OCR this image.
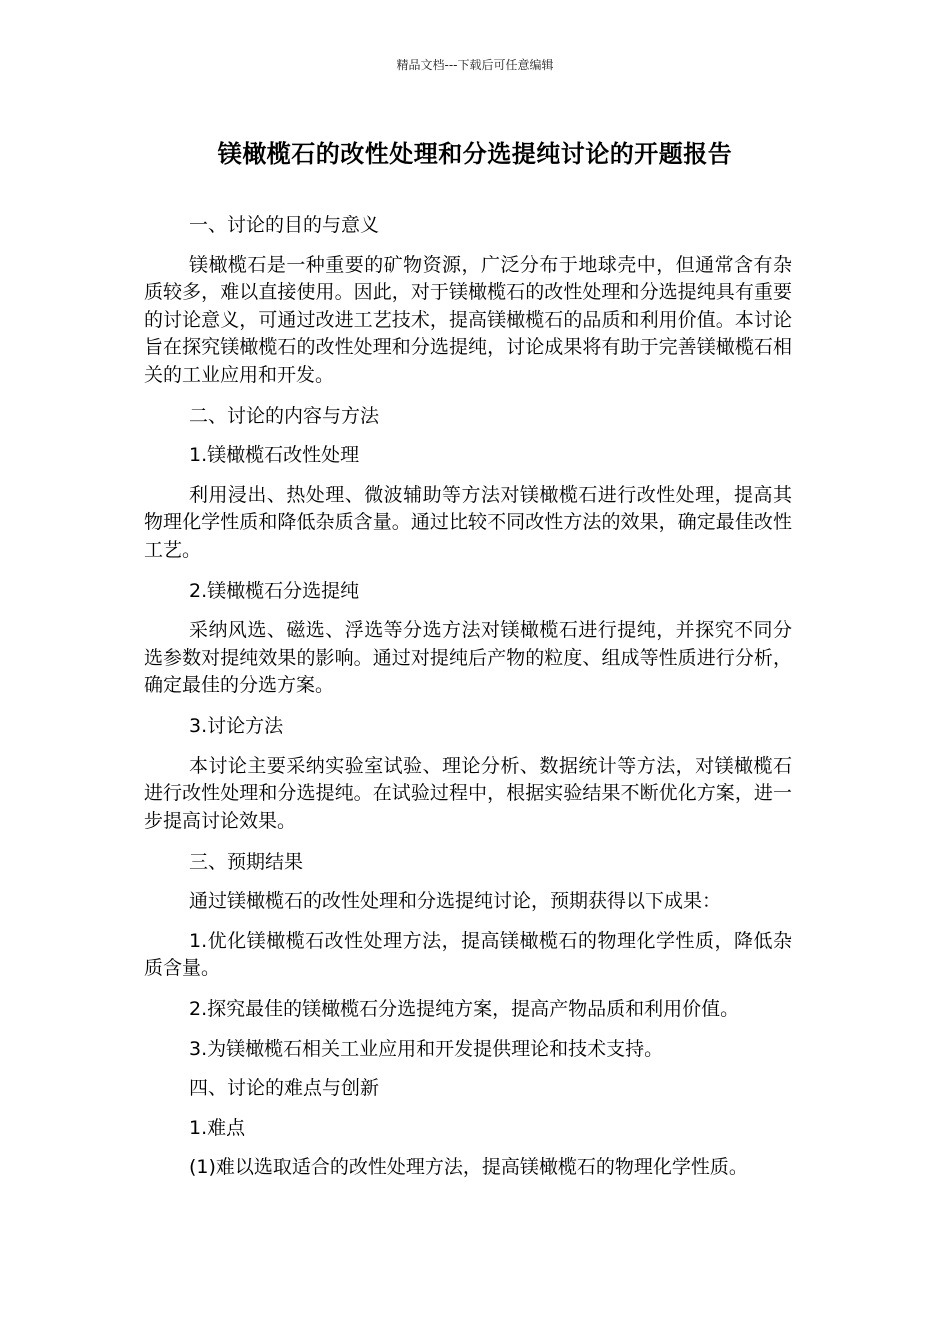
精品文档---下载后可任意编辑
镁橄榄石的改性处理和分选提纯讨论的开题报告

一、讨论的目的与意义

镁橄榄石是一种重要的矿物资源，广泛分布于地球壳中，但通常含有杂质较多，难以直接使用。因此，对于镁橄榄石的改性处理和分选提纯具有重要的讨论意义，可通过改进工艺技术，提高镁橄榄石的品质和利用价值。本讨论旨在探究镁橄榄石的改性处理和分选提纯，讨论成果将有助于完善镁橄榄石相关的工业应用和开发。

二、讨论的内容与方法

1.镁橄榄石改性处理

利用浸出、热处理、微波辅助等方法对镁橄榄石进行改性处理，提高其物理化学性质和降低杂质含量。通过比较不同改性方法的效果，确定最佳改性工艺。

2.镁橄榄石分选提纯

采纳风选、磁选、浮选等分选方法对镁橄榄石进行提纯，并探究不同分选参数对提纯效果的影响。通过对提纯后产物的粒度、组成等性质进行分析，确定最佳的分选方案。

3.讨论方法

本讨论主要采纳实验室试验、理论分析、数据统计等方法，对镁橄榄石进行改性处理和分选提纯。在试验过程中，根据实验结果不断优化方案，进一步提高讨论效果。

三、预期结果

通过镁橄榄石的改性处理和分选提纯讨论，预期获得以下成果：

1.优化镁橄榄石改性处理方法，提高镁橄榄石的物理化学性质，降低杂质含量。

2.探究最佳的镁橄榄石分选提纯方案，提高产物品质和利用价值。

3.为镁橄榄石相关工业应用和开发提供理论和技术支持。

四、讨论的难点与创新

1.难点

(1)难以选取适合的改性处理方法，提高镁橄榄石的物理化学性质。
